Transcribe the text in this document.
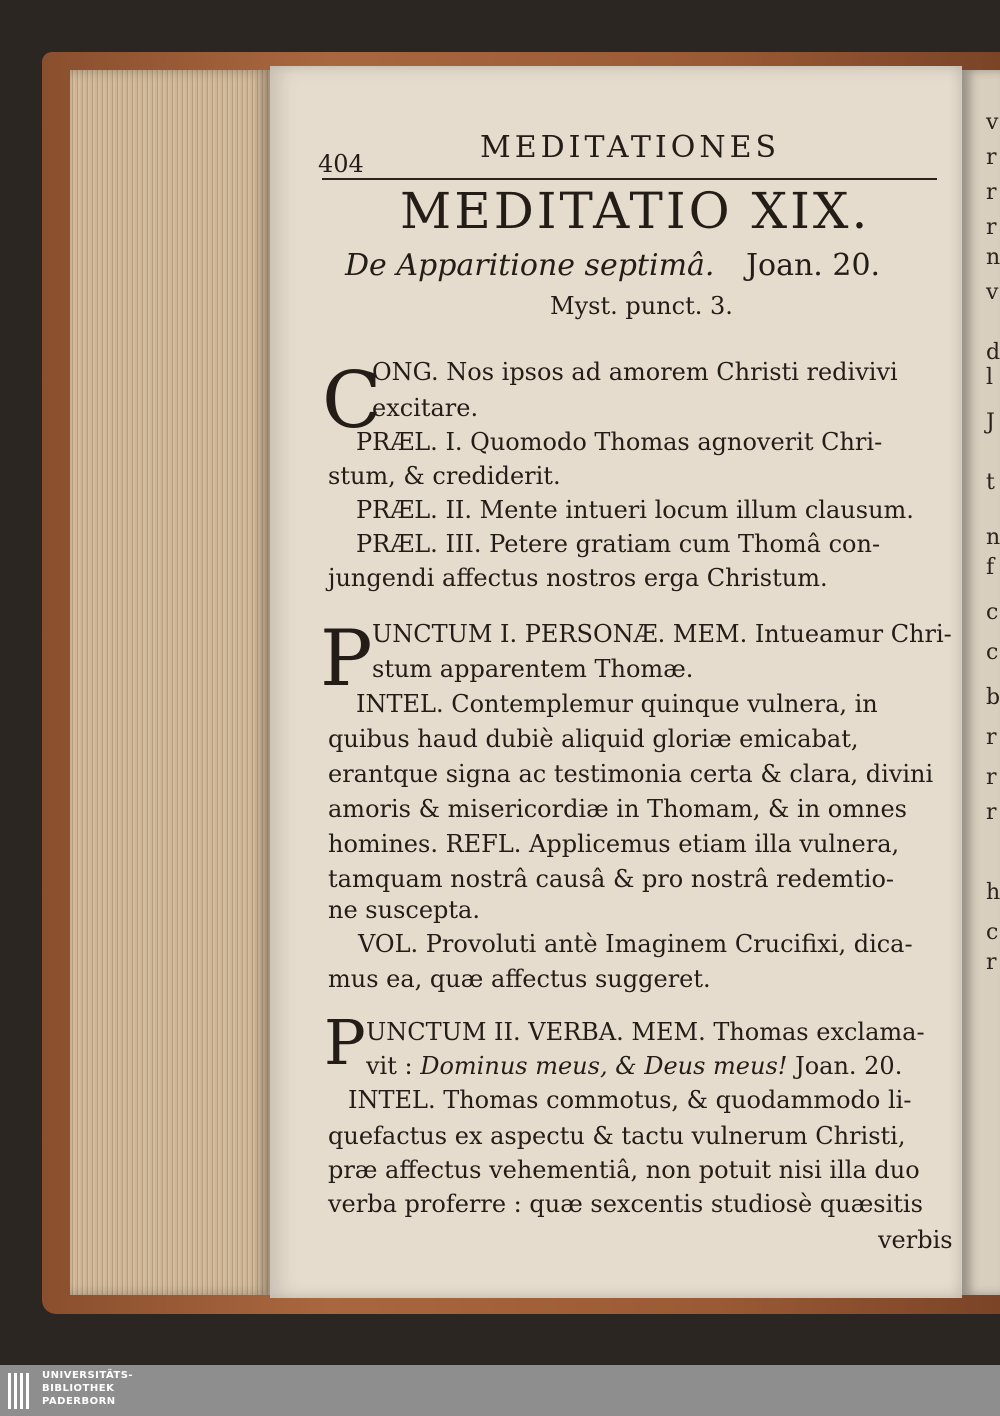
v
r
r
r
n
v
d
l
J
t
n
f
c
c
b
r
r
r
h
c
r
404	MEDITATIONES
MEDITATIO XIX.
De Apparitione septimâ. Joan. 20.
Myst. punct. 3.
C
ONG. Nos ipsos ad amorem Christi redivivi
excitare.
PRÆL. I. Quomodo Thomas agnoverit Chri-
stum, & crediderit.
PRÆL. II. Mente intueri locum illum clausum.
PRÆL. III. Petere gratiam cum Thomâ con-
jungendi affectus nostros erga Christum.
P UNCTUM I. PERSONÆ. MEM. Intueamur Chri-
stum apparentem Thomæ.
INTEL. Contemplemur quinque vulnera, in
quibus haud dubiè aliquid gloriæ emicabat,
erantque signa ac testimonia certa & clara, divini
amoris & misericordiæ in Thomam, & in omnes
homines. REFL. Applicemus etiam illa vulnera,
tamquam nostrâ causâ & pro nostrâ redemtio-
ne suscepta.
VOL. Provoluti antè Imaginem Crucifixi, dica-
mus ea, quæ affectus suggeret.
P UNCTUM II. VERBA. MEM. Thomas exclama-
vit : Dominus meus, & Deus meus! Joan. 20.
INTEL. Thomas commotus, & quodammodo li-
quefactus ex aspectu & tactu vulnerum Christi,
præ affectus vehementiâ, non potuit nisi illa duo
verba proferre : quæ sexcentis studiosè quæsitis
verbis
UNIVERSITÄTS-
BIBLIOTHEK
PADERBORN
